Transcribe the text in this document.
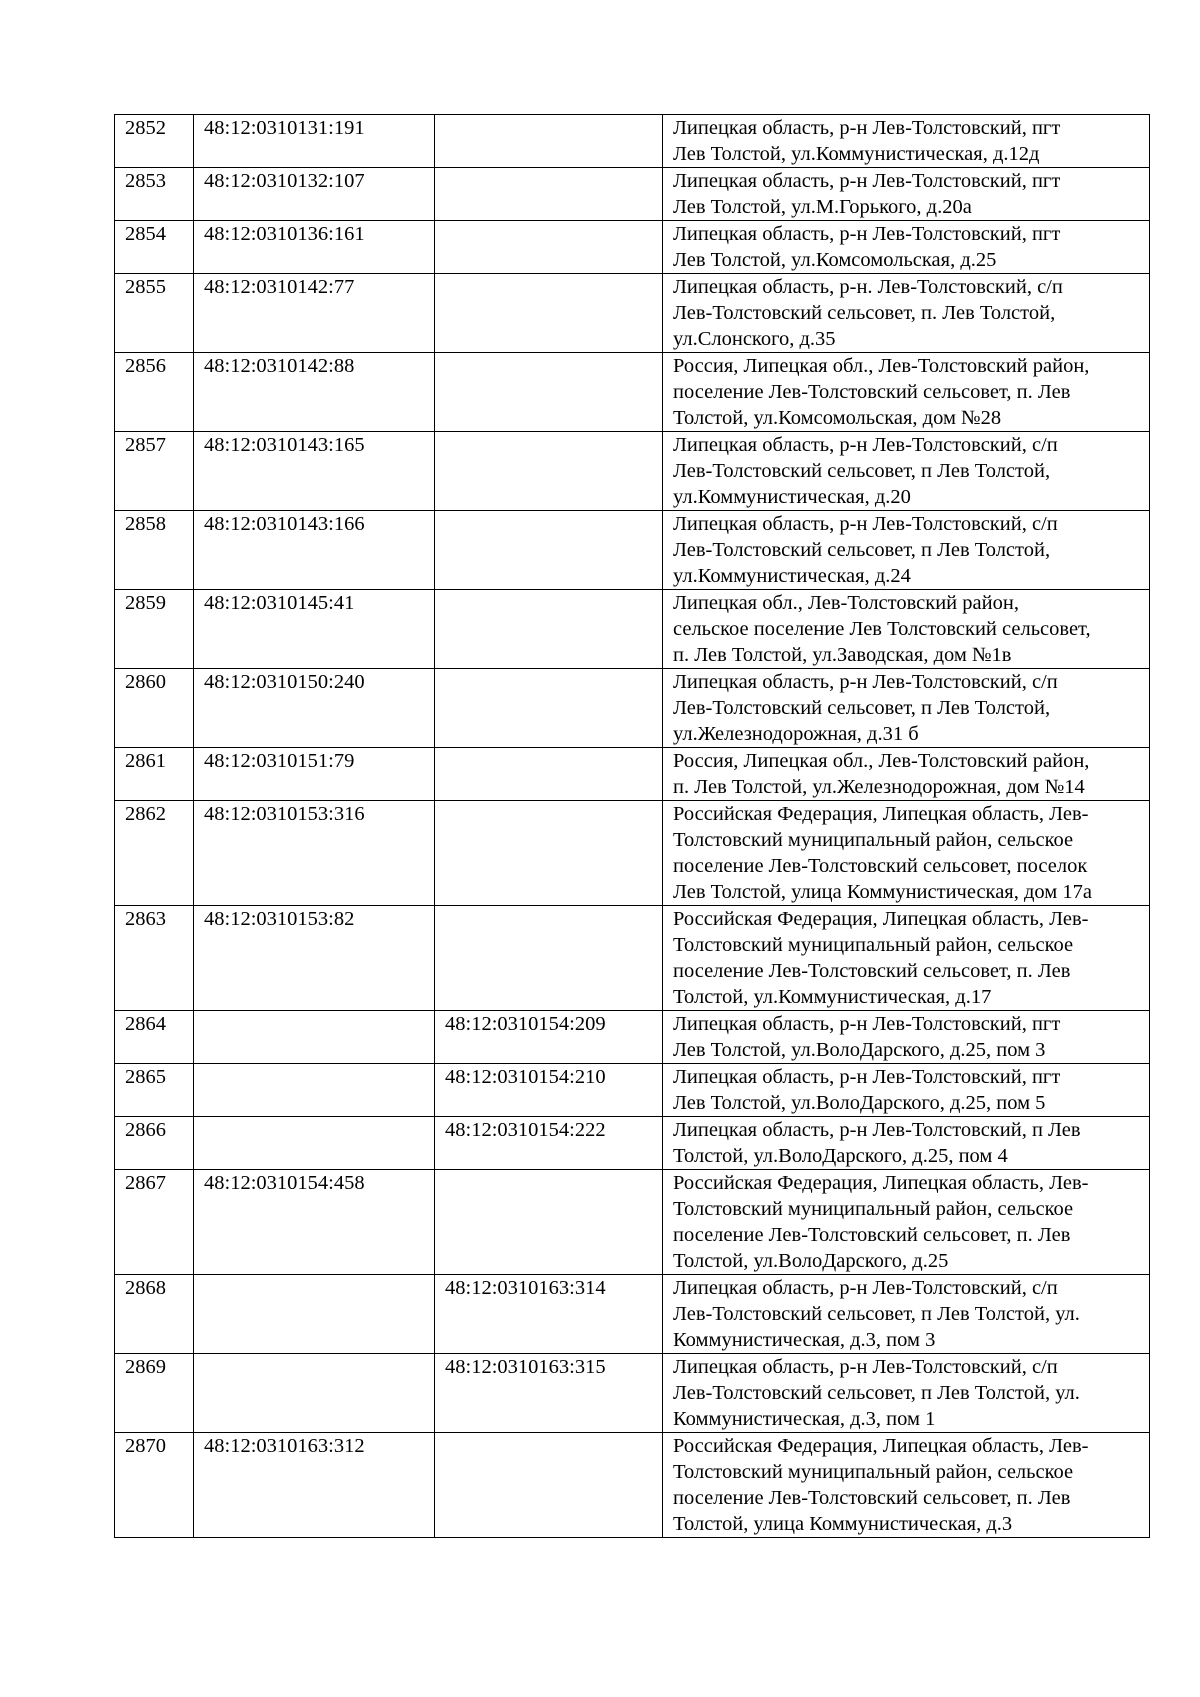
2852	48:12:0310131:191		Липецкая область, р-н Лев-Толстовский, пгт
Лев Толстой, ул.Коммунистическая, д.12д
2853	48:12:0310132:107		Липецкая область, р-н Лев-Толстовский, пгт
Лев Толстой, ул.М.Горького, д.20а
2854	48:12:0310136:161		Липецкая область, р-н Лев-Толстовский, пгт
Лев Толстой, ул.Комсомольская, д.25
2855	48:12:0310142:77		Липецкая область, р-н. Лев-Толстовский, с/п
Лев-Толстовский сельсовет, п. Лев Толстой,
ул.Слонского, д.35
2856	48:12:0310142:88		Россия, Липецкая обл., Лев-Толстовский район,
поселение Лев-Толстовский сельсовет, п. Лев
Толстой, ул.Комсомольская, дом №28
2857	48:12:0310143:165		Липецкая область, р-н Лев-Толстовский, с/п
Лев-Толстовский сельсовет, п Лев Толстой,
ул.Коммунистическая, д.20
2858	48:12:0310143:166		Липецкая область, р-н Лев-Толстовский, с/п
Лев-Толстовский сельсовет, п Лев Толстой,
ул.Коммунистическая, д.24
2859	48:12:0310145:41		Липецкая обл., Лев-Толстовский район,
сельское поселение Лев Толстовский сельсовет,
п. Лев Толстой, ул.Заводская, дом №1в
2860	48:12:0310150:240		Липецкая область, р-н Лев-Толстовский, с/п
Лев-Толстовский сельсовет, п Лев Толстой,
ул.Железнодорожная, д.31 б
2861	48:12:0310151:79		Россия, Липецкая обл., Лев-Толстовский район,
п. Лев Толстой, ул.Железнодорожная, дом №14
2862	48:12:0310153:316		Российская Федерация, Липецкая область, Лев-
Толстовский муниципальный район, сельское
поселение Лев-Толстовский сельсовет, поселок
Лев Толстой, улица Коммунистическая, дом 17а
2863	48:12:0310153:82		Российская Федерация, Липецкая область, Лев-
Толстовский муниципальный район, сельское
поселение Лев-Толстовский сельсовет, п. Лев
Толстой, ул.Коммунистическая, д.17
2864		48:12:0310154:209	Липецкая область, р-н Лев-Толстовский, пгт
Лев Толстой, ул.ВолоДарского, д.25, пом 3
2865		48:12:0310154:210	Липецкая область, р-н Лев-Толстовский, пгт
Лев Толстой, ул.ВолоДарского, д.25, пом 5
2866		48:12:0310154:222	Липецкая область, р-н Лев-Толстовский, п Лев
Толстой, ул.ВолоДарского, д.25, пом 4
2867	48:12:0310154:458		Российская Федерация, Липецкая область, Лев-
Толстовский муниципальный район, сельское
поселение Лев-Толстовский сельсовет, п. Лев
Толстой, ул.ВолоДарского, д.25
2868		48:12:0310163:314	Липецкая область, р-н Лев-Толстовский, с/п
Лев-Толстовский сельсовет, п Лев Толстой, ул.
Коммунистическая, д.3, пом 3
2869		48:12:0310163:315	Липецкая область, р-н Лев-Толстовский, с/п
Лев-Толстовский сельсовет, п Лев Толстой, ул.
Коммунистическая, д.3, пом 1
2870	48:12:0310163:312		Российская Федерация, Липецкая область, Лев-
Толстовский муниципальный район, сельское
поселение Лев-Толстовский сельсовет, п. Лев
Толстой, улица Коммунистическая, д.3
